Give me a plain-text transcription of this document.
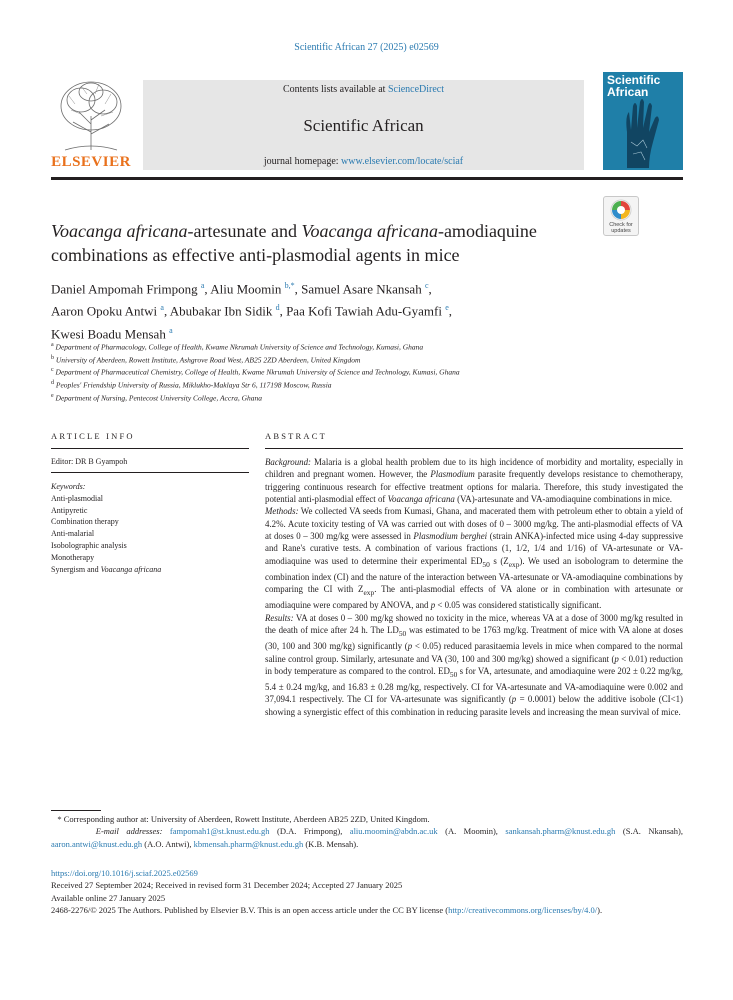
Scientific African 27 (2025) e02569
ELSEVIER
Contents lists available at ScienceDirect
Scientific African
journal homepage: www.elsevier.com/locate/sciaf
Scientific African
Check for updates
Voacanga africana-artesunate and Voacanga africana-amodiaquine combinations as effective anti-plasmodial agents in mice
Daniel Ampomah Frimpong $^a$, Aliu Moomin $^{b,*}$, Samuel Asare Nkansah $^c$,
Aaron Opoku Antwi $^a$, Abubakar Ibn Sidik $^d$, Paa Kofi Tawiah Adu-Gyamfi $^e$,
Kwesi Boadu Mensah $^a$
$^a$ Department of Pharmacology, College of Health, Kwame Nkrumah University of Science and Technology, Kumasi, Ghana
$^b$ University of Aberdeen, Rowett Institute, Ashgrove Road West, AB25 2ZD Aberdeen, United Kingdom
$^c$ Department of Pharmaceutical Chemistry, College of Health, Kwame Nkrumah University of Science and Technology, Kumasi, Ghana
$^d$ Peoples' Friendship University of Russia, Miklukho-Maklaya Str 6, 117198 Moscow, Russia
$^e$ Department of Nursing, Pentecost University College, Accra, Ghana
ARTICLE INFO	ABSTRACT
Editor: DR B Gyampoh
Keywords:
Anti-plasmodial
Antipyretic
Combination therapy
Anti-malarial
Isobolographic analysis
Monotherapy
Synergism and Voacanga africana

Background: Malaria is a global health problem due to its high incidence of morbidity and mortality, especially in children and pregnant women. However, the Plasmodium parasite frequently develops resistance to chemotherapy, triggering continuous research for effective treatment options for malaria. Therefore, this study investigated the potential anti-plasmodial effect of Voacanga africana (VA)-artesunate and VA-amodiaquine combinations in mice.

Methods: We collected VA seeds from Kumasi, Ghana, and macerated them with petroleum ether to obtain a yield of 4.2%. Acute toxicity testing of VA was carried out with doses of 0 – 3000 mg/kg. The anti-plasmodial effects of VA at doses 0 – 300 mg/kg were assessed in Plasmodium berghei (strain ANKA)-infected mice using 4-day suppressive and Rane's curative tests. A combination of various fractions (1, 1/2, 1/4 and 1/16) of VA-artesunate or VA-amodiaquine was used to determine their experimental $ED_{50}$ s $(Z_{exp})$. We used an isobologram to determine the combination index (CI) and the nature of the interaction between VA-artesunate or VA-amodiaquine combinations by comparing the CI with $Z_{exp}$. The anti-plasmodial effects of VA alone or in combination with artesunate or amodiaquine were compared by ANOVA, and p < 0.05 was considered statistically significant.

Results: VA at doses 0 – 300 mg/kg showed no toxicity in the mice, whereas VA at a dose of 3000 mg/kg resulted in the death of mice after 24 h. The $LD_{50}$ was estimated to be 1763 mg/kg. Treatment of mice with VA alone at doses (30, 100 and 300 mg/kg) significantly (p < 0.05) reduced parasitaemia levels in mice when compared to the normal saline control group. Similarly, artesunate and VA (30, 100 and 300 mg/kg) showed a significant (p < 0.01) reduction in body temperature as compared to the control. $ED_{50}$ s for VA, artesunate, and amodiaquine were 202 ± 0.22 mg/kg, 5.4 ± 0.24 mg/kg, and 16.83 ± 0.28 mg/kg, respectively. CI for VA-artesunate and VA-amodiaquine were 0.002 and 37,094.1 respectively. The CI for VA-artesunate was significantly (p = 0.0001) below the additive isobole (CI<1) showing a synergistic effect of this combination in reducing parasite levels and increasing the mean survival of mice.

* Corresponding author at: University of Aberdeen, Rowett Institute, Aberdeen AB25 2ZD, United Kingdom.
E-mail addresses: fampomah1@st.knust.edu.gh (D.A. Frimpong), aliu.moomin@abdn.ac.uk (A. Moomin), sankansah.pharm@knust.edu.gh (S.A. Nkansah), aaron.antwi@knust.edu.gh (A.O. Antwi), kbmensah.pharm@knust.edu.gh (K.B. Mensah).
https://doi.org/10.1016/j.sciaf.2025.e02569
Received 27 September 2024; Received in revised form 31 December 2024; Accepted 27 January 2025
Available online 27 January 2025
2468-2276/© 2025 The Authors. Published by Elsevier B.V. This is an open access article under the CC BY license (http://creativecommons.org/licenses/by/4.0/).
